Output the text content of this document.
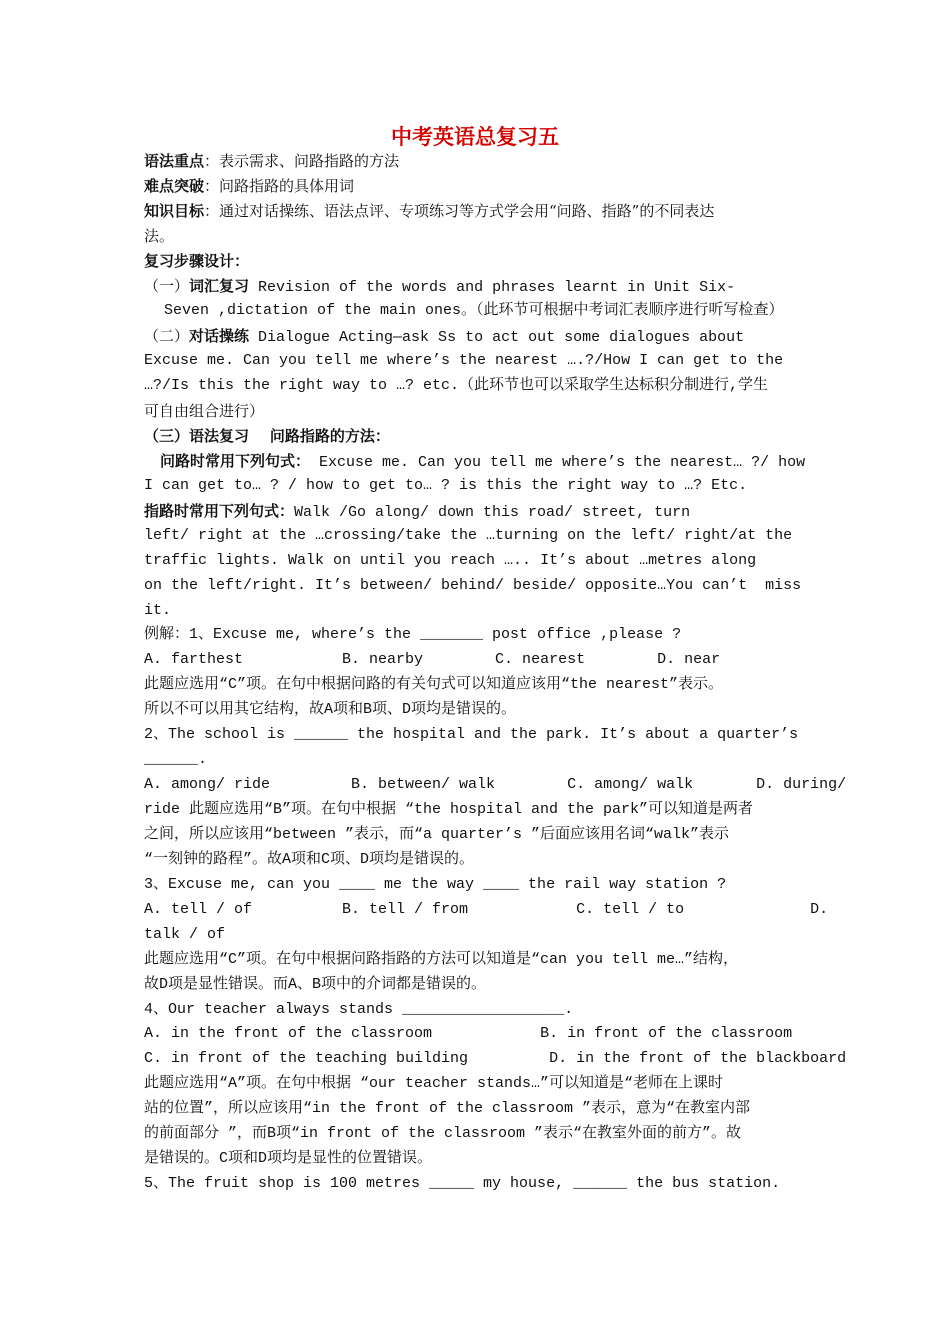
中考英语总复习五
语法重点：表示需求、问路指路的方法
难点突破：问路指路的具体用词
知识目标：通过对话操练、语法点评、专项练习等方式学会用“问路、指路”的不同表达
法。
复习步骤设计：
（一）词汇复习 Revision of the words and phrases learnt in Unit Six-
Seven ,dictation of the main ones。（此环节可根据中考词汇表顺序进行听写检查）
（二）对话操练 Dialogue Acting—ask Ss to act out some dialogues about
Excuse me. Can you tell me where’s the nearest ….?/How I can get to the
…?/Is this the right way to …? etc.（此环节也可以采取学生达标积分制进行,学生
可自由组合进行）
（三）语法复习    问路指路的方法：
问路时常用下列句式： Excuse me. Can you tell me where’s the nearest… ?/ how
I can get to… ? / how to get to… ? is this the right way to …? Etc.
指路时常用下列句式：Walk /Go along/ down this road/ street, turn
left/ right at the …crossing/take the …turning on the left/ right/at the
traffic lights. Walk on until you reach ….. It’s about …metres along
on the left/right. It’s between/ behind/ beside/ opposite…You can’t  miss
it.
例解：1、Excuse me, where’s the _______ post office ,please ?
A. farthest           B. nearby        C. nearest        D. near
此题应选用“C”项。在句中根据问路的有关句式可以知道应该用“the nearest”表示。
所以不可以用其它结构，故A项和B项、D项均是错误的。
2、The school is ______ the hospital and the park. It’s about a quarter’s
______.
A. among/ ride         B. between/ walk        C. among/ walk       D. during/
ride 此题应选用“B”项。在句中根据 “the hospital and the park”可以知道是两者
之间，所以应该用“between ”表示，而“a quarter’s ”后面应该用名词“walk”表示
“一刻钟的路程”。故A项和C项、D项均是错误的。
3、Excuse me, can you ____ me the way ____ the rail way station ?
A. tell / of          B. tell / from            C. tell / to              D.
talk / of
此题应选用“C”项。在句中根据问路指路的方法可以知道是“can you tell me…”结构，
故D项是显性错误。而A、B项中的介词都是错误的。
4、Our teacher always stands __________________.
A. in the front of the classroom            B. in front of the classroom
C. in front of the teaching building         D. in the front of the blackboard
此题应选用“A”项。在句中根据 “our teacher stands…”可以知道是“老师在上课时
站的位置”，所以应该用“in the front of the classroom ”表示，意为“在教室内部
的前面部分 ”，而B项“in front of the classroom ”表示“在教室外面的前方”。故
是错误的。C项和D项均是显性的位置错误。
5、The fruit shop is 100 metres _____ my house, ______ the bus station.
